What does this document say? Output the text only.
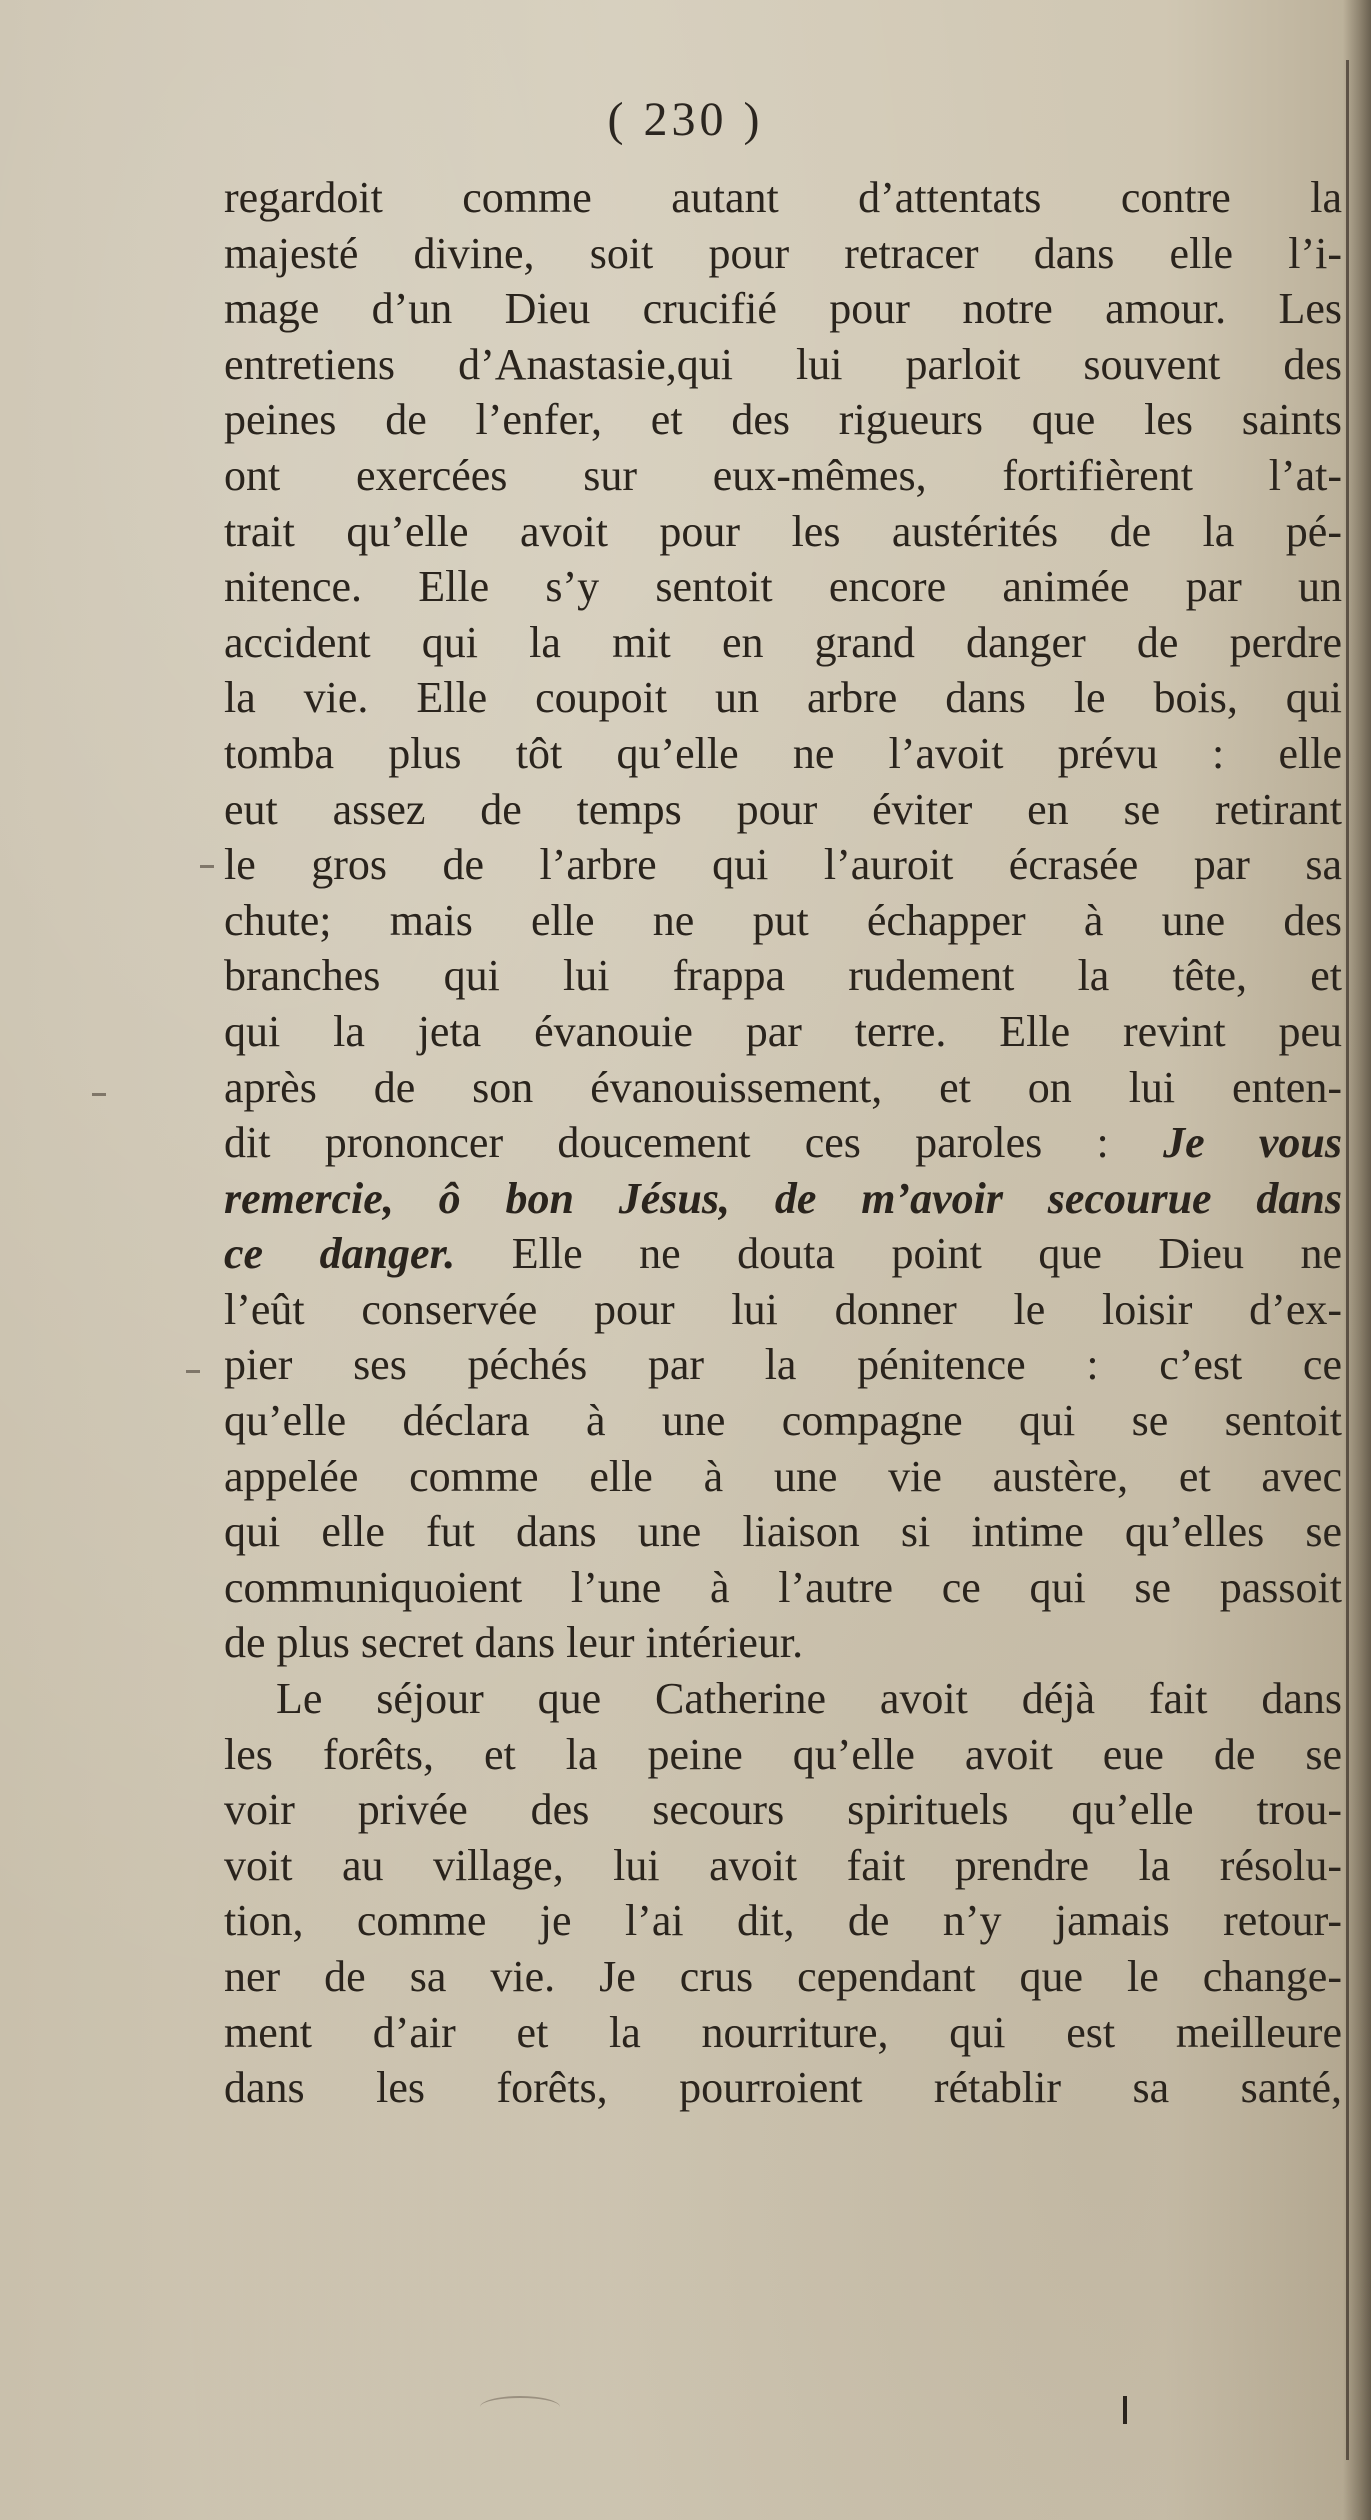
( 230 )
regardoit comme autant d’attentats contre la
majesté divine, soit pour retracer dans elle l’i-
mage d’un Dieu crucifié pour notre amour. Les
entretiens d’Anastasie,qui lui parloit souvent des
peines de l’enfer, et des rigueurs que les saints
ont exercées sur eux-mêmes, fortifièrent l’at-
trait qu’elle avoit pour les austérités de la pé-
nitence. Elle s’y sentoit encore animée par un
accident qui la mit en grand danger de perdre
la vie. Elle coupoit un arbre dans le bois, qui
tomba plus tôt qu’elle ne l’avoit prévu : elle
eut assez de temps pour éviter en se retirant
le gros de l’arbre qui l’auroit écrasée par sa
chute; mais elle ne put échapper à une des
branches qui lui frappa rudement la tête, et
qui la jeta évanouie par terre. Elle revint peu
après de son évanouissement, et on lui enten-
dit prononcer doucement ces paroles : Je vous
remercie, ô bon Jésus, de m’avoir secourue dans
ce danger. Elle ne douta point que Dieu ne
l’eût conservée pour lui donner le loisir d’ex-
pier ses péchés par la pénitence : c’est ce
qu’elle déclara à une compagne qui se sentoit
appelée comme elle à une vie austère, et avec
qui elle fut dans une liaison si intime qu’elles se
communiquoient l’une à l’autre ce qui se passoit
de plus secret dans leur intérieur.
Le séjour que Catherine avoit déjà fait dans
les forêts, et la peine qu’elle avoit eue de se
voir privée des secours spirituels qu’elle trou-
voit au village, lui avoit fait prendre la résolu-
tion, comme je l’ai dit, de n’y jamais retour-
ner de sa vie. Je crus cependant que le change-
ment d’air et la nourriture, qui est meilleure
dans les forêts, pourroient rétablir sa santé,
